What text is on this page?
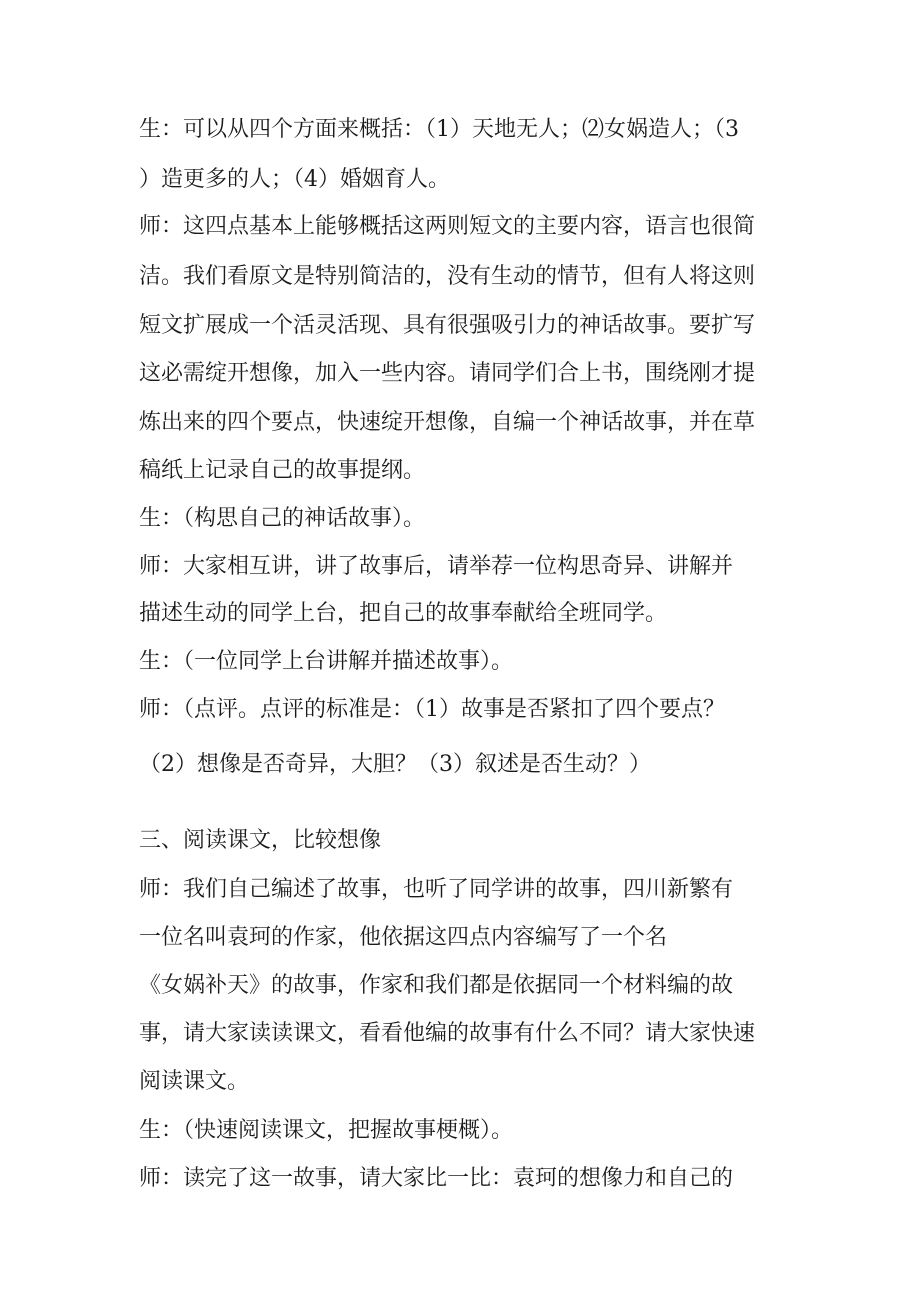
生：可以从四个方面来概括：（1）天地无人；⑵女娲造人；（3
）造更多的人；（4）婚姻育人。
师：这四点基本上能够概括这两则短文的主要内容，语言也很简
洁。我们看原文是特别简洁的，没有生动的情节，但有人将这则
短文扩展成一个活灵活现、具有很强吸引力的神话故事。要扩写
这必需绽开想像，加入一些内容。请同学们合上书，围绕刚才提
炼出来的四个要点，快速绽开想像，自编一个神话故事，并在草
稿纸上记录自己的故事提纲。
生：（构思自己的神话故事）。
师：大家相互讲，讲了故事后，请举荐一位构思奇异、讲解并
描述生动的同学上台，把自己的故事奉献给全班同学。
生：（一位同学上台讲解并描述故事）。
师：（点评。点评的标准是：（1）故事是否紧扣了四个要点？
（2）想像是否奇异，大胆？（3）叙述是否生动？）
三、阅读课文，比较想像
师：我们自己编述了故事，也听了同学讲的故事，四川新繁有
一位名叫袁珂的作家，他依据这四点内容编写了一个名
《女娲补天》的故事，作家和我们都是依据同一个材料编的故
事，请大家读读课文，看看他编的故事有什么不同？请大家快速
阅读课文。
生：（快速阅读课文，把握故事梗概）。
师：读完了这一故事，请大家比一比：袁珂的想像力和自己的
